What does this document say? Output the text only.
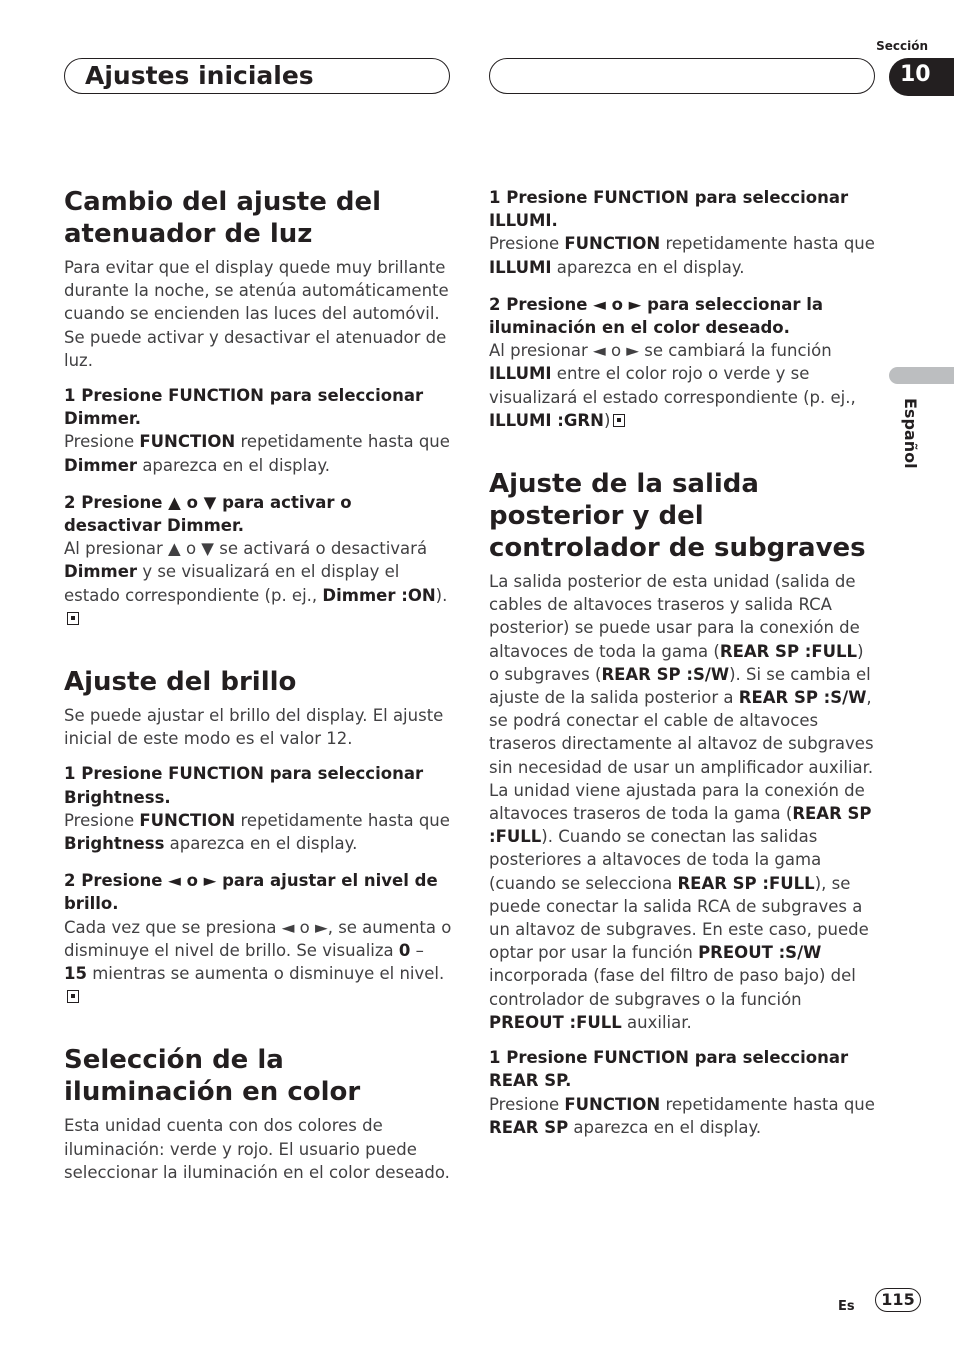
Ajustes iniciales
Sección
10
Español
Cambio del ajuste del atenuador de luz

Para evitar que el display quede muy brillante durante la noche, se atenúa automáticamente cuando se encienden las luces del automóvil. Se puede activar y desactivar el atenuador de luz.

1 Presione FUNCTION para seleccionar Dimmer.

Presione FUNCTION repetidamente hasta que Dimmer aparezca en el display.

2 Presione ▲ o ▼ para activar o desactivar Dimmer.

Al presionar ▲ o ▼ se activará o desactivará Dimmer y se visualizará en el display el estado correspondiente (p. ej., Dimmer :ON).

Ajuste del brillo

Se puede ajustar el brillo del display. El ajuste inicial de este modo es el valor 12.

1 Presione FUNCTION para seleccionar Brightness.

Presione FUNCTION repetidamente hasta que Brightness aparezca en el display.

2 Presione ◄ o ► para ajustar el nivel de brillo.

Cada vez que se presiona ◄ o ►, se aumenta o disminuye el nivel de brillo. Se visualiza 0 – 15 mientras se aumenta o disminuye el nivel.

Selección de la iluminación en color

Esta unidad cuenta con dos colores de iluminación: verde y rojo. El usuario puede seleccionar la iluminación en el color deseado.

1 Presione FUNCTION para seleccionar ILLUMI.

Presione FUNCTION repetidamente hasta que ILLUMI aparezca en el display.

2 Presione ◄ o ► para seleccionar la iluminación en el color deseado.

Al presionar ◄ o ► se cambiará la función ILLUMI entre el color rojo o verde y se visualizará el estado correspondiente (p. ej., ILLUMI :GRN)

Ajuste de la salida posterior y del controlador de subgraves

La salida posterior de esta unidad (salida de cables de altavoces traseros y salida RCA posterior) se puede usar para la conexión de altavoces de toda la gama (REAR SP :FULL) o subgraves (REAR SP :S/W). Si se cambia el ajuste de la salida posterior a REAR SP :S/W, se podrá conectar el cable de altavoces traseros directamente al altavoz de subgraves sin necesidad de usar un amplificador auxiliar.

La unidad viene ajustada para la conexión de altavoces traseros de toda la gama (REAR SP :FULL). Cuando se conectan las salidas posteriores a altavoces de toda la gama (cuando se selecciona REAR SP :FULL), se puede conectar la salida RCA de subgraves a un altavoz de subgraves. En este caso, puede optar por usar la función PREOUT :S/W incorporada (fase del filtro de paso bajo) del controlador de subgraves o la función PREOUT :FULL auxiliar.

1 Presione FUNCTION para seleccionar REAR SP.

Presione FUNCTION repetidamente hasta que REAR SP aparezca en el display.

Es	115
